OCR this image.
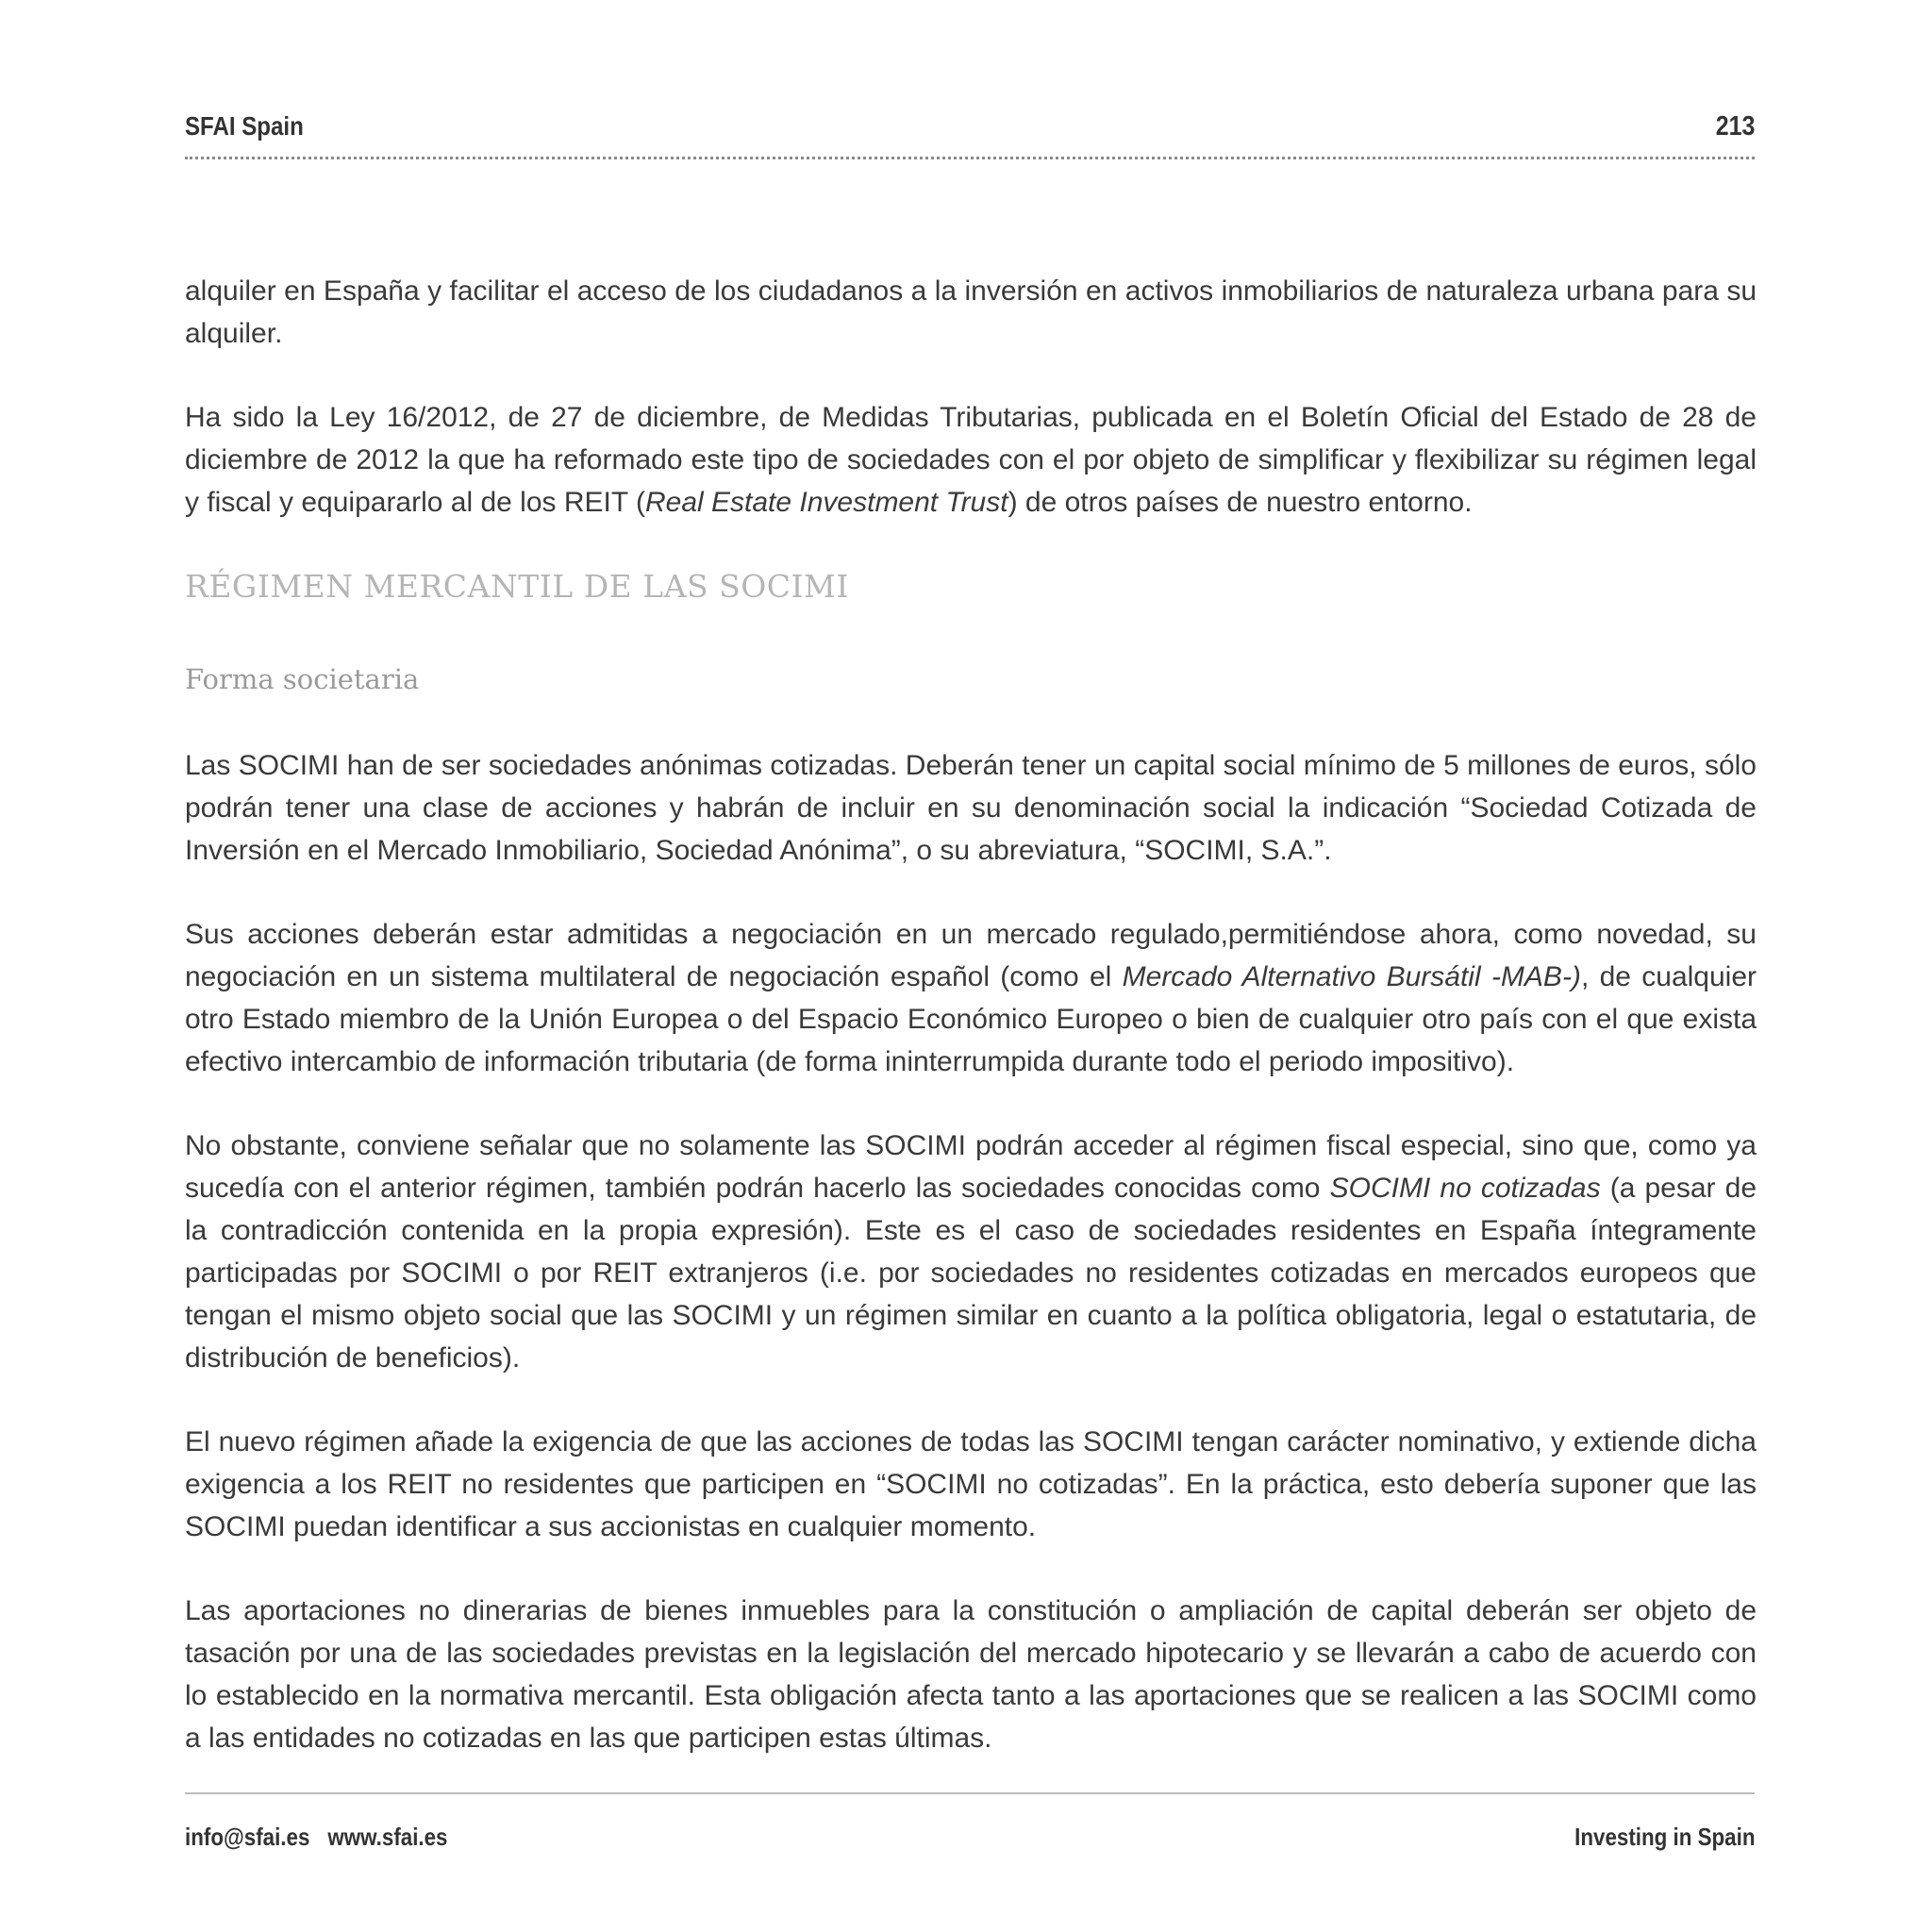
SFAI Spain	213

alquiler en España y facilitar el acceso de los ciudadanos a la inversión en activos inmobiliarios de naturaleza urbana para su alquiler.

Ha sido la Ley 16/2012, de 27 de diciembre, de Medidas Tributarias, publicada en el Boletín Oficial del Estado de 28 de diciembre de 2012 la que ha reformado este tipo de sociedades con el por objeto de simplificar y flexibilizar su régimen legal y fiscal y equipararlo al de los REIT (Real Estate Investment Trust) de otros países de nuestro entorno.

RÉGIMEN MERCANTIL DE LAS SOCIMI
Forma societaria

Las SOCIMI han de ser sociedades anónimas cotizadas. Deberán tener un capital social mínimo de 5 millones de euros, sólo podrán tener una clase de acciones y habrán de incluir en su denominación social la indicación “Sociedad Cotizada de Inversión en el Mercado Inmobiliario, Sociedad Anónima”, o su abreviatura, “SOCIMI, S.A.”.

Sus acciones deberán estar admitidas a negociación en un mercado regulado,permitiéndose ahora, como novedad, su negociación en un sistema multilateral de negociación español (como el Mercado Alternativo Bursátil -MAB-), de cualquier otro Estado miembro de la Unión Europea o del Espacio Económico Europeo o bien de cualquier otro país con el que exista efectivo intercambio de información tributaria (de forma ininterrumpida durante todo el periodo impositivo).

No obstante, conviene señalar que no solamente las SOCIMI podrán acceder al régimen fiscal especial, sino que, como ya sucedía con el anterior régimen, también podrán hacerlo las sociedades conocidas como SOCIMI no cotizadas (a pesar de la contradicción contenida en la propia expresión). Este es el caso de sociedades residentes en España íntegramente participadas por SOCIMI o por REIT extranjeros (i.e. por sociedades no residentes cotizadas en mercados europeos que tengan el mismo objeto social que las SOCIMI y un régimen similar en cuanto a la política obligatoria, legal o estatutaria, de distribución de beneficios).

El nuevo régimen añade la exigencia de que las acciones de todas las SOCIMI tengan carácter nominativo, y extiende dicha exigencia a los REIT no residentes que participen en “SOCIMI no cotizadas”. En la práctica, esto debería suponer que las SOCIMI puedan identificar a sus accionistas en cualquier momento.

Las aportaciones no dinerarias de bienes inmuebles para la constitución o ampliación de capital deberán ser objeto de tasación por una de las sociedades previstas en la legislación del mercado hipotecario y se llevarán a cabo de acuerdo con lo establecido en la normativa mercantil. Esta obligación afecta tanto a las aportaciones que se realicen a las SOCIMI como a las entidades no cotizadas en las que participen estas últimas.

info@sfai.es www.sfai.es	Investing in Spain
